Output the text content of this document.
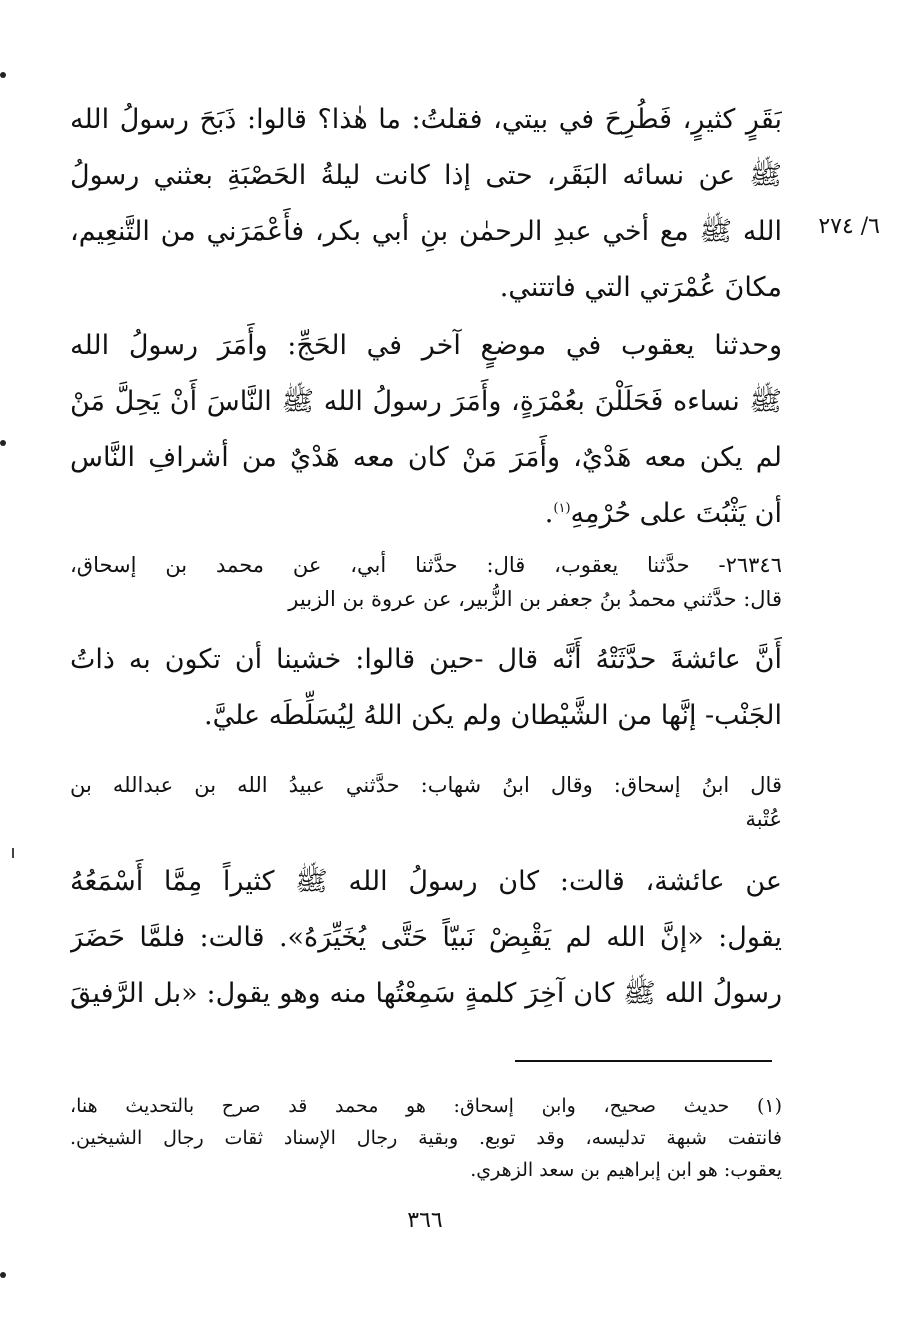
٦/ ٢٧٤
بَقَرٍ كثيرٍ، فَطُرِحَ في بيتي، فقلتُ: ما هٰذا؟ قالوا: ذَبَحَ رسولُ الله
ﷺ عن نسائه البَقَر، حتى إذا كانت ليلةُ الحَصْبَةِ بعثني رسولُ
الله ﷺ مع أخي عبدِ الرحمٰن بنِ أبي بكر، فأَعْمَرَني من التَّنعِيم،
مكانَ عُمْرَتي التي فاتتني.
وحدثنا يعقوب في موضعٍ آخر في الحَجِّ: وأَمَرَ رسولُ الله
ﷺ نساءه فَحَلَلْنَ بعُمْرَةٍ، وأَمَرَ رسولُ الله ﷺ النَّاسَ أَنْ يَحِلَّ مَنْ
لم يكن معه هَدْيٌ، وأَمَرَ مَنْ كان معه هَدْيٌ من أشرافِ النَّاس
أن يَثْبُتَ على حُرْمِهِ$^{(١)}$.
٢٦٣٤٦- حدَّثنا يعقوب، قال: حدَّثنا أبي، عن محمد بن إسحاق،
قال: حدَّثني محمدُ بنُ جعفر بن الزُّبير، عن عروة بن الزبير
أَنَّ عائشةَ حدَّثَتْهُ أَنَّه قال -حين قالوا: خشينا أن تكون به ذاتُ
الجَنْب- إنَّها من الشَّيْطان ولم يكن اللهُ لِيُسَلِّطَه عليَّ.
قال ابنُ إسحاق: وقال ابنُ شهاب: حدَّثني عبيدُ الله بن عبدالله بن
عُتْبة
عن عائشة، قالت: كان رسولُ الله ﷺ كثيراً مِمَّا أَسْمَعُهُ
يقول: «إنَّ الله لم يَقْبِضْ نَبيّاً حَتَّى يُخَيِّرَهُ». قالت: فلمَّا حَضَرَ
رسولُ الله ﷺ كان آخِرَ كلمةٍ سَمِعْتُها منه وهو يقول: «بل الرَّفيقَ
(١) حديث صحيح، وابن إسحاق: هو محمد قد صرح بالتحديث هنا،
فانتفت شبهة تدليسه، وقد توبع. وبقية رجال الإسناد ثقات رجال الشيخين.
يعقوب: هو ابن إبراهيم بن سعد الزهري.
٣٦٦
